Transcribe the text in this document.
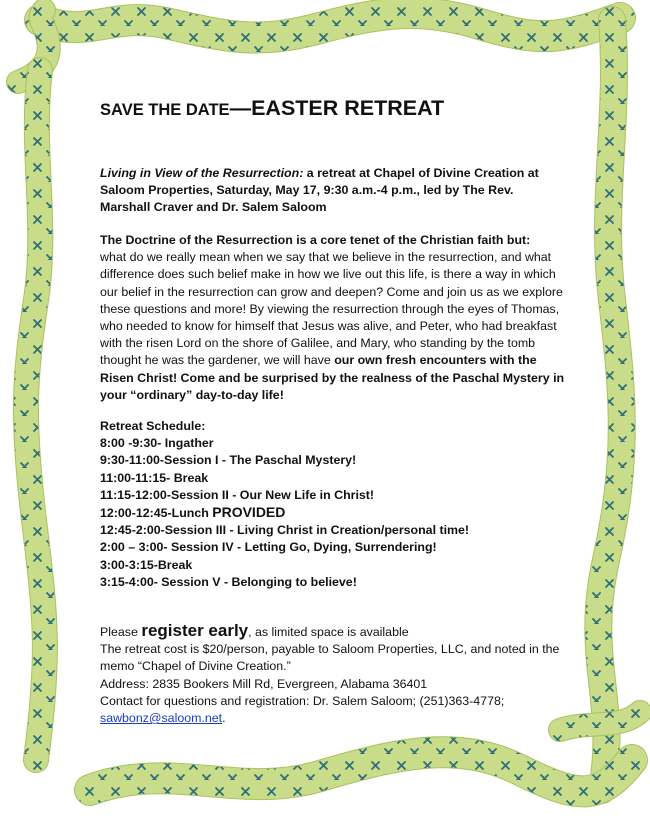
SAVE THE DATE—EASTER RETREAT
Living in View of the Resurrection: a retreat at Chapel of Divine Creation at Saloom Properties, Saturday, May 17, 9:30 a.m.-4 p.m., led by The Rev. Marshall Craver and Dr. Salem Saloom
The Doctrine of the Resurrection is a core tenet of the Christian faith but:
what do we really mean when we say that we believe in the resurrection, and what difference does such belief make in how we live out this life, is there a way in which our belief in the resurrection can grow and deepen? Come and join us as we explore these questions and more! By viewing the resurrection through the eyes of Thomas, who needed to know for himself that Jesus was alive, and Peter, who had breakfast with the risen Lord on the shore of Galilee, and Mary, who standing by the tomb thought he was the gardener, we will have our own fresh encounters with the Risen Christ! Come and be surprised by the realness of the Paschal Mystery in your “ordinary” day-to-day life!
Retreat Schedule:
8:00 -9:30- Ingather
9:30-11:00-Session I - The Paschal Mystery!
11:00-11:15- Break
11:15-12:00-Session II - Our New Life in Christ!
12:00-12:45-Lunch PROVIDED
12:45-2:00-Session III - Living Christ in Creation/personal time!
2:00 – 3:00- Session IV - Letting Go, Dying, Surrendering!
3:00-3:15-Break
3:15-4:00- Session V - Belonging to believe!
Please register early, as limited space is available
The retreat cost is $20/person, payable to Saloom Properties, LLC, and noted in the memo “Chapel of Divine Creation.”
Address: 2835 Bookers Mill Rd, Evergreen, Alabama 36401
Contact for questions and registration: Dr. Salem Saloom; (251)363-4778;
sawbonz@saloom.net.
